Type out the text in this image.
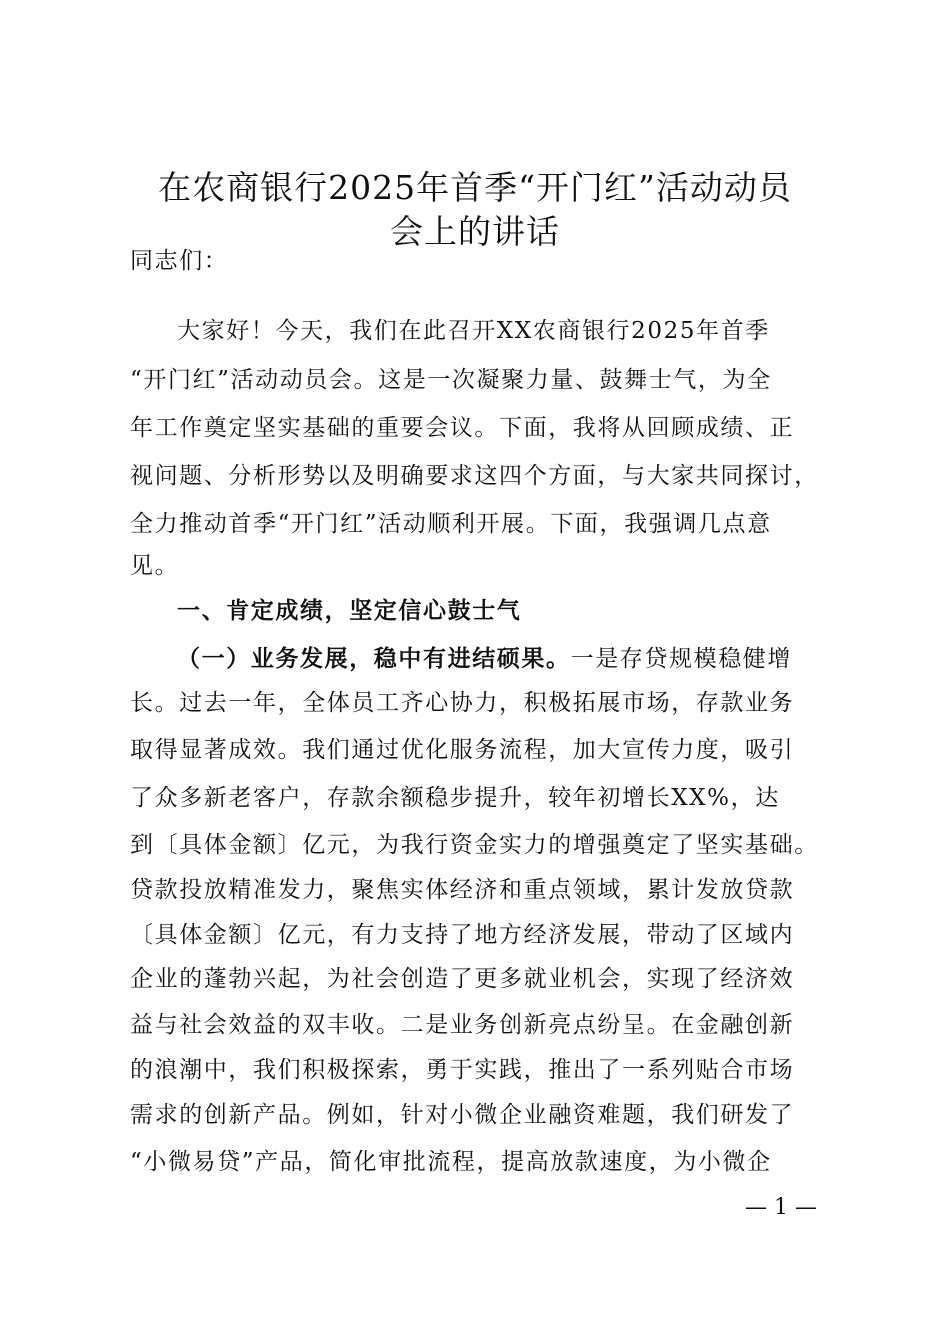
在农商银行2025年首季“开门红”活动动员
会上的讲话
同志们：
大家好！今天，我们在此召开XX农商银行2025年首季
“开门红”活动动员会。这是一次凝聚力量、鼓舞士气，为全
年工作奠定坚实基础的重要会议。下面，我将从回顾成绩、正
视问题、分析形势以及明确要求这四个方面，与大家共同探讨，
全力推动首季“开门红”活动顺利开展。下面，我强调几点意
见。
一、肯定成绩，坚定信心鼓士气
（一）业务发展，稳中有进结硕果。一是存贷规模稳健增
长。过去一年，全体员工齐心协力，积极拓展市场，存款业务
取得显著成效。我们通过优化服务流程，加大宣传力度，吸引
了众多新老客户，存款余额稳步提升，较年初增长XX%，达
到〔具体金额〕亿元，为我行资金实力的增强奠定了坚实基础。
贷款投放精准发力，聚焦实体经济和重点领域，累计发放贷款
〔具体金额〕亿元，有力支持了地方经济发展，带动了区域内
企业的蓬勃兴起，为社会创造了更多就业机会，实现了经济效
益与社会效益的双丰收。二是业务创新亮点纷呈。在金融创新
的浪潮中，我们积极探索，勇于实践，推出了一系列贴合市场
需求的创新产品。例如，针对小微企业融资难题，我们研发了
“小微易贷”产品，简化审批流程，提高放款速度，为小微企
— 1 —
